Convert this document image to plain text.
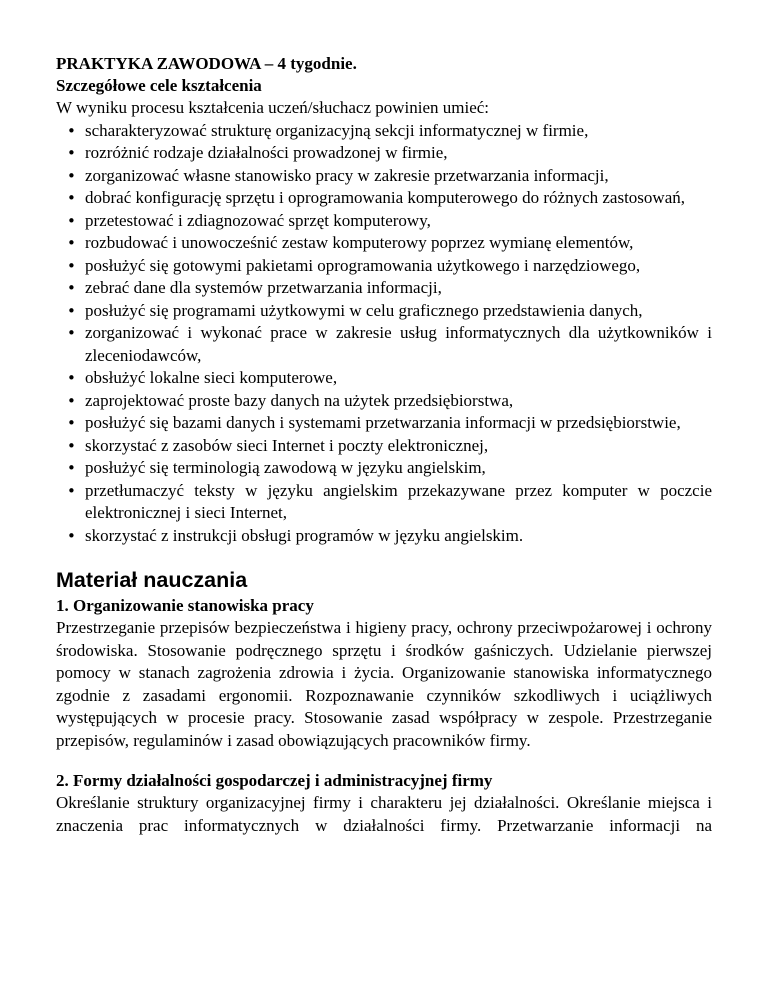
PRAKTYKA ZAWODOWA – 4 tygodnie.

Szczegółowe cele kształcenia

W wyniku procesu kształcenia uczeń/słuchacz powinien umieć:

• scharakteryzować strukturę organizacyjną sekcji informatycznej w firmie,
• rozróżnić rodzaje działalności prowadzonej w firmie,
• zorganizować własne stanowisko pracy w zakresie przetwarzania informacji,
• dobrać konfigurację sprzętu i oprogramowania komputerowego do różnych zastosowań,
• przetestować i zdiagnozować sprzęt komputerowy,
• rozbudować i unowocześnić zestaw komputerowy poprzez wymianę elementów,
• posłużyć się gotowymi pakietami oprogramowania użytkowego i narzędziowego,
• zebrać dane dla systemów przetwarzania informacji,
• posłużyć się programami użytkowymi w celu graficznego przedstawienia danych,
• zorganizować i wykonać prace w zakresie usług informatycznych dla użytkowników i zleceniodawców,
• obsłużyć lokalne sieci komputerowe,
• zaprojektować proste bazy danych na użytek przedsiębiorstwa,
• posłużyć się bazami danych i systemami przetwarzania informacji w przedsiębiorstwie,
• skorzystać z zasobów sieci Internet i poczty elektronicznej,
• posłużyć się terminologią zawodową w języku angielskim,
• przetłumaczyć teksty w języku angielskim przekazywane przez komputer w poczcie elektronicznej i sieci Internet,
• skorzystać z instrukcji obsługi programów w języku angielskim.
Materiał nauczania

1. Organizowanie stanowiska pracy

Przestrzeganie przepisów bezpieczeństwa i higieny pracy, ochrony przeciwpożarowej i ochrony środowiska. Stosowanie podręcznego sprzętu i środków gaśniczych. Udzielanie pierwszej pomocy w stanach zagrożenia zdrowia i życia. Organizowanie stanowiska informatycznego zgodnie z zasadami ergonomii. Rozpoznawanie czynników szkodliwych i uciążliwych występujących w procesie pracy. Stosowanie zasad współpracy w zespole. Przestrzeganie przepisów, regulaminów i zasad obowiązujących pracowników firmy.

2. Formy działalności gospodarczej i administracyjnej firmy

Określanie struktury organizacyjnej firmy i charakteru jej działalności. Określanie miejsca i znaczenia prac informatycznych w działalności firmy. Przetwarzanie informacji na
